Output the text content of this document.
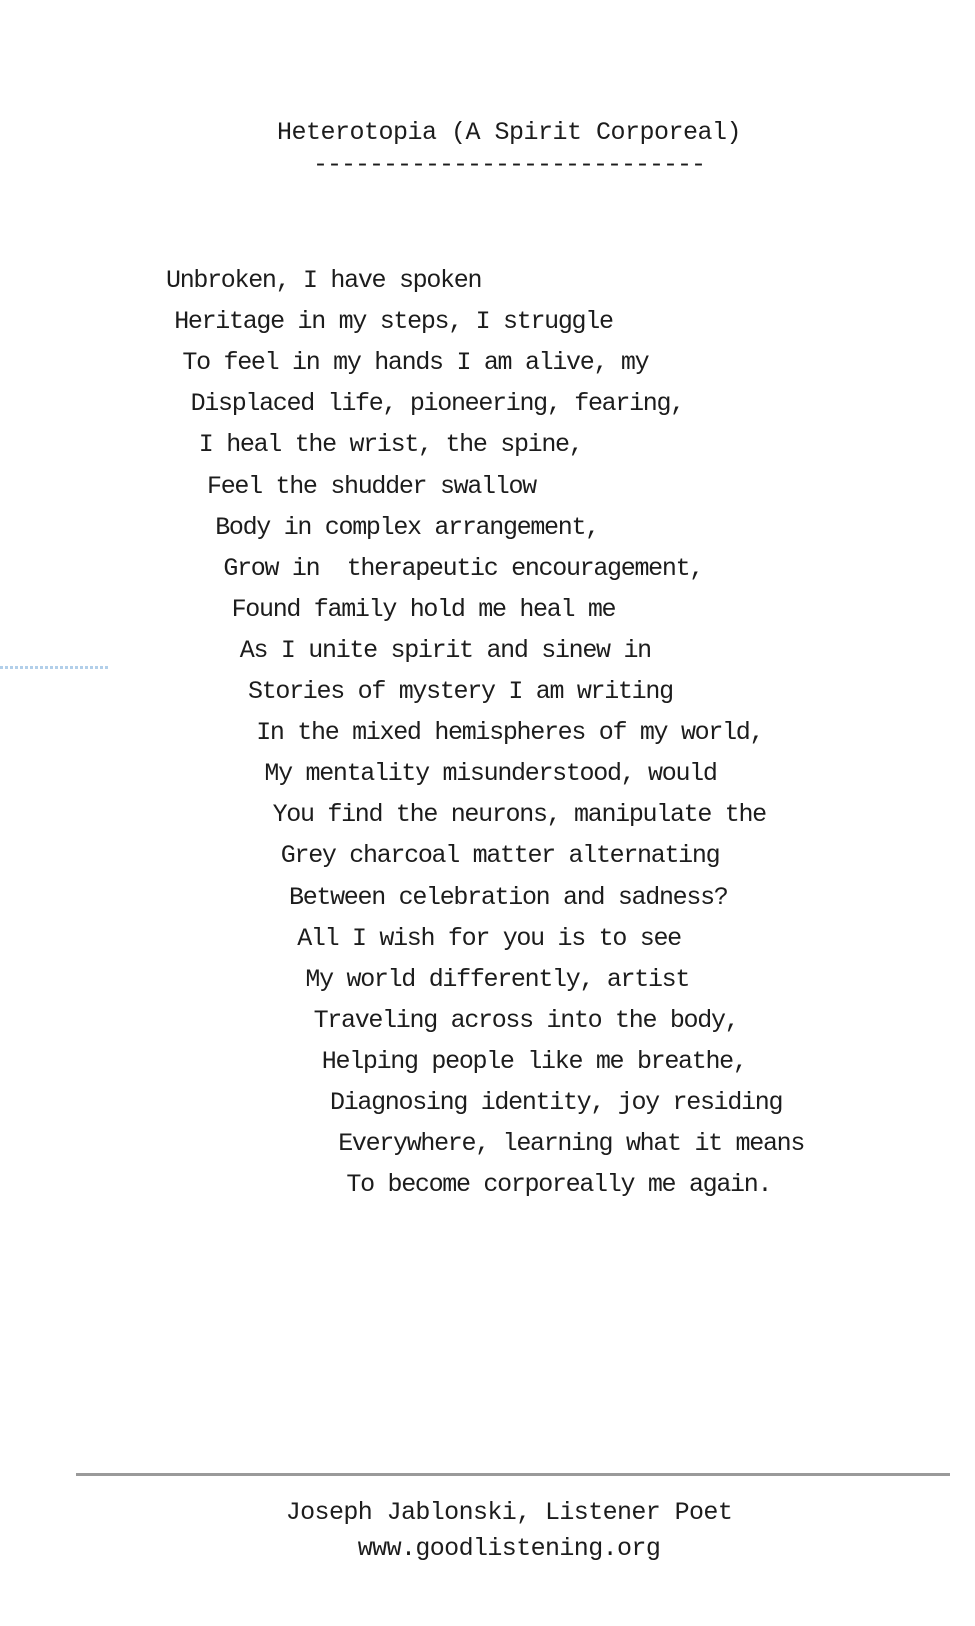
Heterotopia (A Spirit Corporeal)
----------------------------
Unbroken, I have spoken
Heritage in my steps, I struggle
To feel in my hands I am alive, my
Displaced life, pioneering, fearing,
I heal the wrist, the spine,
Feel the shudder swallow
Body in complex arrangement,
Grow in  therapeutic encouragement,
Found family hold me heal me
As I unite spirit and sinew in
Stories of mystery I am writing
In the mixed hemispheres of my world,
My mentality misunderstood, would
You find the neurons, manipulate the
Grey charcoal matter alternating
Between celebration and sadness?
All I wish for you is to see
My world differently, artist
Traveling across into the body,
Helping people like me breathe,
Diagnosing identity, joy residing
Everywhere, learning what it means
To become corporeally me again.
Joseph Jablonski, Listener Poet
www.goodlistening.org
